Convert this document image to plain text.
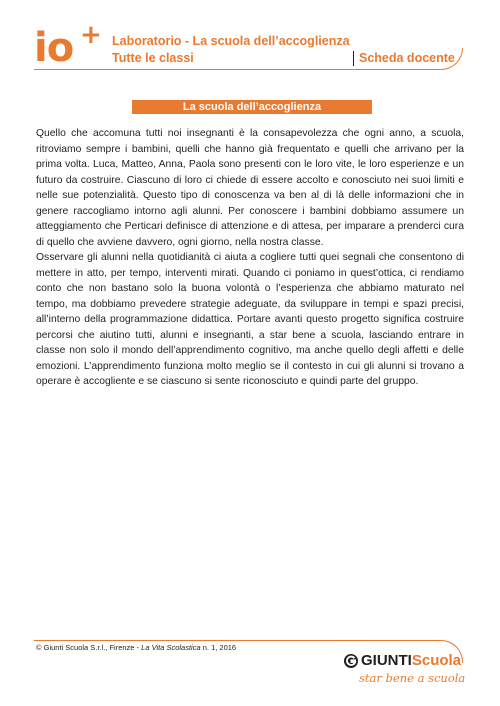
io + Laboratorio - La scuola dell’accoglienza
Tutte le classi	Scheda docente
La scuola dell’accoglienza

Quello che accomuna tutti noi insegnanti è la consapevolezza che ogni anno, a scuola, ritroviamo sempre i bambini, quelli che hanno già frequentato e quelli che arrivano per la prima volta. Luca, Matteo, Anna, Paola sono presenti con le loro vite, le loro esperienze e un futuro da costruire. Ciascuno di loro ci chiede di essere accolto e conosciuto nei suoi limiti e nelle sue potenzialità. Questo tipo di conoscenza va ben al di là delle informazioni che in genere raccogliamo intorno agli alunni. Per conoscere i bambini dobbiamo assumere un atteggiamento che Perticari definisce di attenzione e di attesa, per imparare a prenderci cura di quello che avviene davvero, ogni giorno, nella nostra classe.

Osservare gli alunni nella quotidianità ci aiuta a cogliere tutti quei segnali che consentono di mettere in atto, per tempo, interventi mirati. Quando ci poniamo in quest’ottica, ci rendiamo conto che non bastano solo la buona volontà o l’esperienza che abbiamo maturato nel tempo, ma dobbiamo prevedere strategie adeguate, da sviluppare in tempi e spazi precisi, all’interno della programmazione didattica. Portare avanti questo progetto significa costruire percorsi che aiutino tutti, alunni e insegnanti, a star bene a scuola, lasciando entrare in classe non solo il mondo dell’apprendimento cognitivo, ma anche quello degli affetti e delle emozioni. L’apprendimento funziona molto meglio se il contesto in cui gli alunni si trovano a operare è accogliente e se ciascuno si sente riconosciuto e quindi parte del gruppo.

© Giunti Scuola S.r.l., Firenze - La Vita Scolastica n. 1, 2016
GIUNTIScuola
star bene a scuola
